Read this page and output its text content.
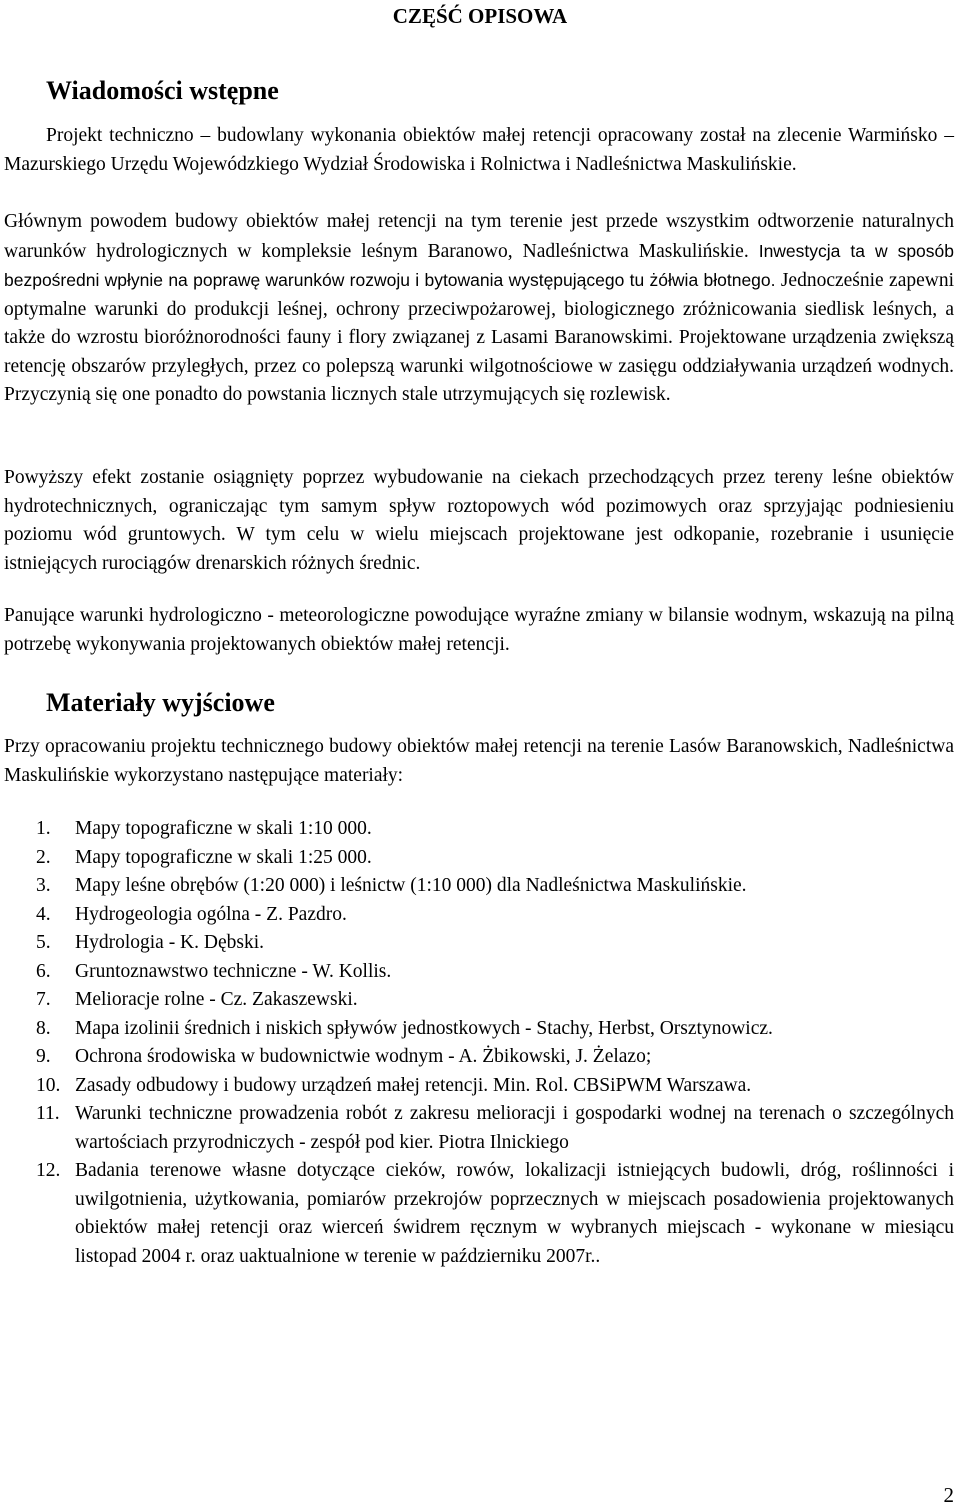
CZĘŚĆ OPISOWA
Wiadomości wstępne

Projekt techniczno – budowlany wykonania obiektów małej retencji opracowany został na zlecenie Warmińsko – Mazurskiego Urzędu Wojewódzkiego Wydział Środowiska i Rolnictwa i Nadleśnictwa Maskulińskie.

Głównym powodem budowy obiektów małej retencji na tym terenie jest przede wszystkim odtworzenie naturalnych warunków hydrologicznych w kompleksie leśnym Baranowo, Nadleśnictwa Maskulińskie. Inwestycja ta w sposób bezpośredni wpłynie na poprawę warunków rozwoju i bytowania występującego tu żółwia błotnego. Jednocześnie zapewni optymalne warunki do produkcji leśnej, ochrony przeciwpożarowej, biologicznego zróżnicowania siedlisk leśnych, a także do wzrostu bioróżnorodności fauny i flory związanej z Lasami Baranowskimi. Projektowane urządzenia zwiększą retencję obszarów przyległych, przez co polepszą warunki wilgotnościowe w zasięgu oddziaływania urządzeń wodnych. Przyczynią się one ponadto do powstania licznych stale utrzymujących się rozlewisk.

Powyższy efekt zostanie osiągnięty poprzez wybudowanie na ciekach przechodzących przez tereny leśne obiektów hydrotechnicznych, ograniczając tym samym spływ roztopowych wód pozimowych oraz sprzyjając podniesieniu poziomu wód gruntowych. W tym celu w wielu miejscach projektowane jest odkopanie, rozebranie i usunięcie istniejących rurociągów drenarskich różnych średnic.

Panujące warunki hydrologiczno - meteorologiczne powodujące wyraźne zmiany w bilansie wodnym, wskazują na pilną potrzebę wykonywania projektowanych obiektów małej retencji.

Materiały wyjściowe

Przy opracowaniu projektu technicznego budowy obiektów małej retencji na terenie Lasów Baranowskich, Nadleśnictwa Maskulińskie wykorzystano następujące materiały:

1. Mapy topograficzne w skali 1:10 000.
2. Mapy topograficzne w skali 1:25 000.
3. Mapy leśne obrębów (1:20 000) i leśnictw (1:10 000) dla Nadleśnictwa Maskulińskie.
4. Hydrogeologia ogólna - Z. Pazdro.
5. Hydrologia - K. Dębski.
6. Gruntoznawstwo techniczne - W. Kollis.
7. Melioracje rolne - Cz. Zakaszewski.
8. Mapa izolinii średnich i niskich spływów jednostkowych - Stachy, Herbst, Orsztynowicz.
9. Ochrona środowiska w budownictwie wodnym - A. Żbikowski, J. Żelazo;
10. Zasady odbudowy i budowy urządzeń małej retencji. Min. Rol. CBSiPWM Warszawa.
11. Warunki techniczne prowadzenia robót z zakresu melioracji i gospodarki wodnej na terenach o szczególnych wartościach przyrodniczych - zespół pod kier. Piotra Ilnickiego
12. Badania terenowe własne dotyczące cieków, rowów, lokalizacji istniejących budowli, dróg, roślinności i uwilgotnienia, użytkowania, pomiarów przekrojów poprzecznych w miejscach posadowienia projektowanych obiektów małej retencji oraz wierceń świdrem ręcznym w wybranych miejscach - wykonane w miesiącu listopad 2004 r. oraz uaktualnione w terenie w październiku 2007r..
2
